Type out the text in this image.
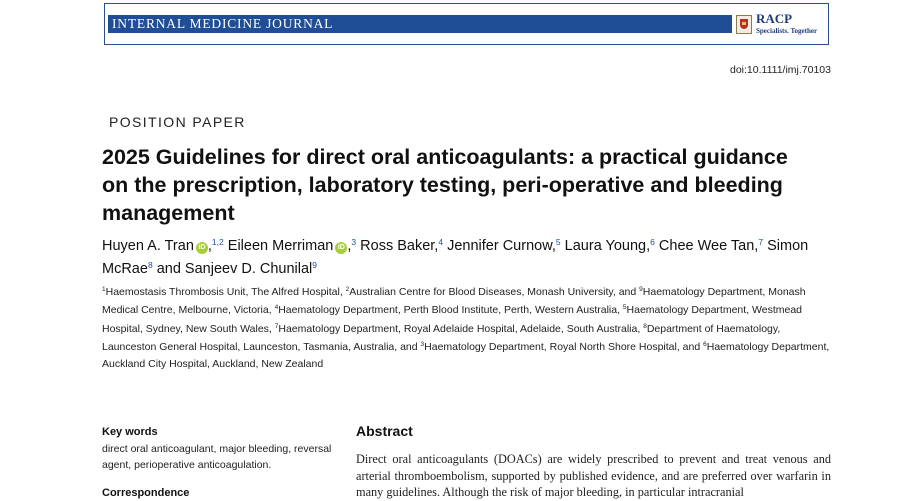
INTERNAL MEDICINE JOURNAL	RACP
Specialists. Together
doi:10.1111/imj.70103
POSITION PAPER
2025 Guidelines for direct oral anticoagulants: a practical guidance on the prescription, laboratory testing, peri-operative and bleeding management
Huyen A. Tran iD ,$^{1,2}$ Eileen Merriman iD ,$^3$ Ross Baker,$^4$ Jennifer Curnow,$^5$ Laura Young,$^6$ Chee Wee Tan,$^7$ Simon McRae$^8$ and Sanjeev D. Chunilal$^9$
$^1$Haemostasis Thrombosis Unit, The Alfred Hospital, $^2$Australian Centre for Blood Diseases, Monash University, and $^9$Haematology Department, Monash Medical Centre, Melbourne, Victoria, $^4$Haematology Department, Perth Blood Institute, Perth, Western Australia, $^5$Haematology Department, Westmead Hospital, Sydney, New South Wales, $^7$Haematology Department, Royal Adelaide Hospital, Adelaide, South Australia, $^8$Department of Haematology, Launceston General Hospital, Launceston, Tasmania, Australia, and $^3$Haematology Department, Royal North Shore Hospital, and $^6$Haematology Department, Auckland City Hospital, Auckland, New Zealand
Key words
direct oral anticoagulant, major bleeding, reversal agent, perioperative anticoagulation.
Correspondence
Abstract
Direct oral anticoagulants (DOACs) are widely prescribed to prevent and treat venous and arterial thromboembolism, supported by published evidence, and are preferred over warfarin in many guidelines. Although the risk of major bleeding, in particular intracranial
